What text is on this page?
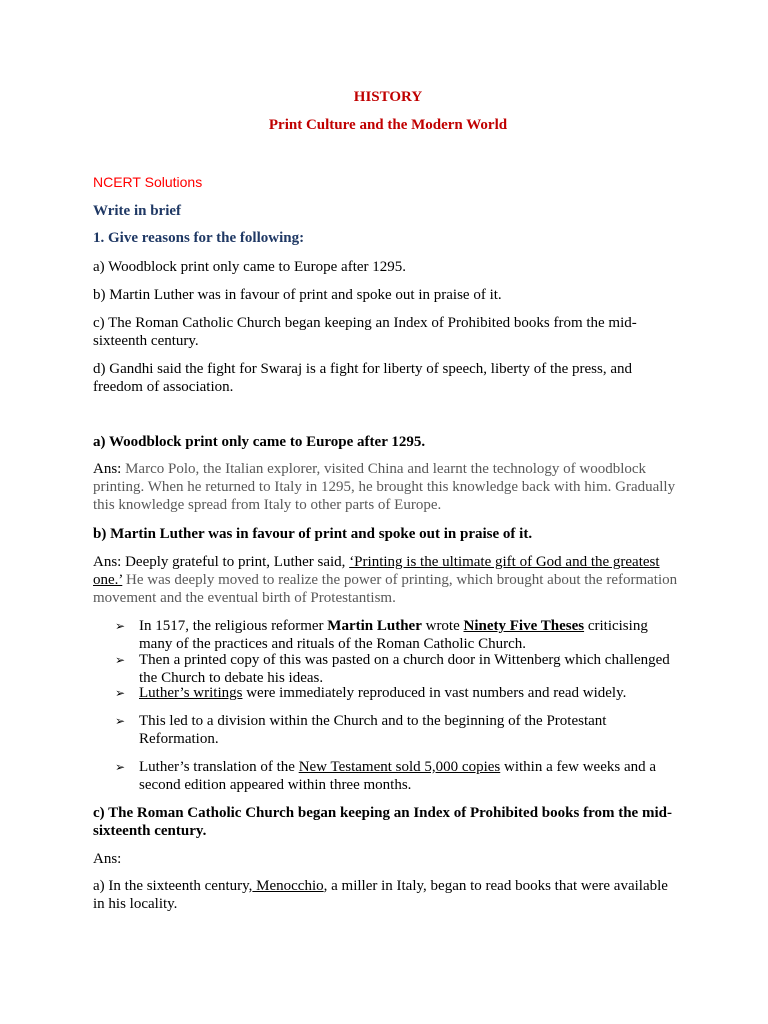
HISTORY
Print Culture and the Modern World
NCERT Solutions
Write in brief
1. Give reasons for the following:
a) Woodblock print only came to Europe after 1295.
b) Martin Luther was in favour of print and spoke out in praise of it.
c) The Roman Catholic Church began keeping an Index of Prohibited books from the mid-sixteenth century.
d) Gandhi said the fight for Swaraj is a fight for liberty of speech, liberty of the press, and freedom of association.
a) Woodblock print only came to Europe after 1295.
Ans: Marco Polo, the Italian explorer, visited China and learnt the technology of woodblock printing. When he returned to Italy in 1295, he brought this knowledge back with him. Gradually this knowledge spread from Italy to other parts of Europe.
b) Martin Luther was in favour of print and spoke out in praise of it.
Ans: Deeply grateful to print, Luther said, ‘Printing is the ultimate gift of God and the greatest one.’ He was deeply moved to realize the power of printing, which brought about the reformation movement and the eventual birth of Protestantism.
➢ In 1517, the religious reformer Martin Luther wrote Ninety Five Theses criticising many of the practices and rituals of the Roman Catholic Church.
➢ Then a printed copy of this was pasted on a church door in Wittenberg which challenged the Church to debate his ideas.
➢ Luther’s writings were immediately reproduced in vast numbers and read widely.
➢ This led to a division within the Church and to the beginning of the Protestant Reformation.
➢ Luther’s translation of the New Testament sold 5,000 copies within a few weeks and a second edition appeared within three months.
c) The Roman Catholic Church began keeping an Index of Prohibited books from the mid-sixteenth century.
Ans:
a) In the sixteenth century, Menocchio, a miller in Italy, began to read books that were available in his locality.
